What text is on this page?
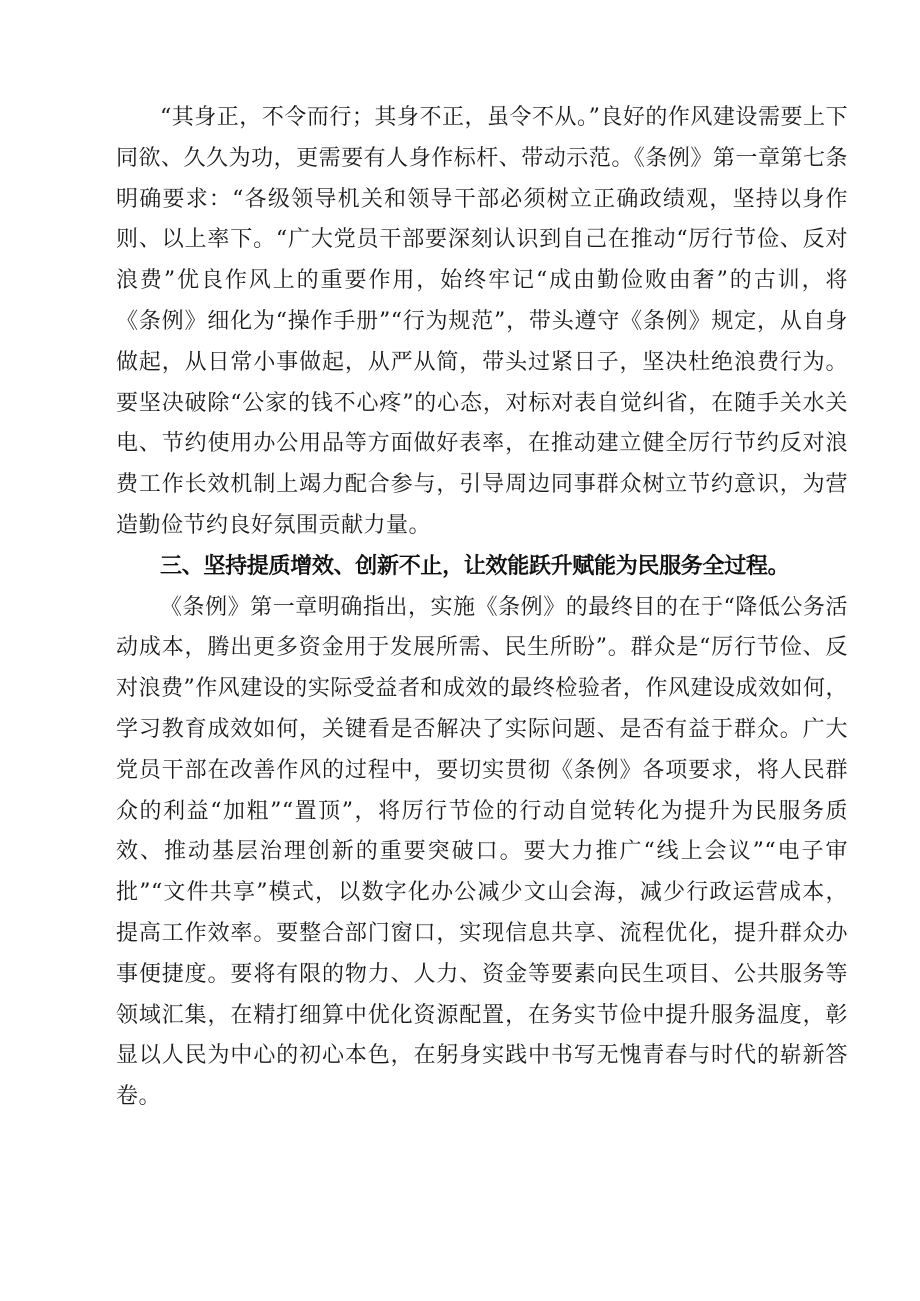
“其身正，不令而行；其身不正，虽令不从。”良好的作风建设需要上下同欲、久久为功，更需要有人身作标杆、带动示范。《条例》第一章第七条明确要求：“各级领导机关和领导干部必须树立正确政绩观，坚持以身作则、以上率下。“广大党员干部要深刻认识到自己在推动“厉行节俭、反对浪费”优良作风上的重要作用，始终牢记“成由勤俭败由奢”的古训，将《条例》细化为“操作手册”“行为规范”，带头遵守《条例》规定，从自身做起，从日常小事做起，从严从简，带头过紧日子，坚决杜绝浪费行为。要坚决破除“公家的钱不心疼”的心态，对标对表自觉纠省，在随手关水关电、节约使用办公用品等方面做好表率，在推动建立健全厉行节约反对浪费工作长效机制上竭力配合参与，引导周边同事群众树立节约意识，为营造勤俭节约良好氛围贡献力量。

三、坚持提质增效、创新不止，让效能跃升赋能为民服务全过程。

《条例》第一章明确指出，实施《条例》的最终目的在于“降低公务活动成本，腾出更多资金用于发展所需、民生所盼”。群众是“厉行节俭、反对浪费”作风建设的实际受益者和成效的最终检验者，作风建设成效如何，学习教育成效如何，关键看是否解决了实际问题、是否有益于群众。广大党员干部在改善作风的过程中，要切实贯彻《条例》各项要求，将人民群众的利益“加粗”“置顶”，将厉行节俭的行动自觉转化为提升为民服务质效、推动基层治理创新的重要突破口。要大力推广“线上会议”“电子审批”“文件共享”模式，以数字化办公减少文山会海，减少行政运营成本，提高工作效率。要整合部门窗口，实现信息共享、流程优化，提升群众办事便捷度。要将有限的物力、人力、资金等要素向民生项目、公共服务等领域汇集，在精打细算中优化资源配置，在务实节俭中提升服务温度，彰显以人民为中心的初心本色，在躬身实践中书写无愧青春与时代的崭新答卷。
